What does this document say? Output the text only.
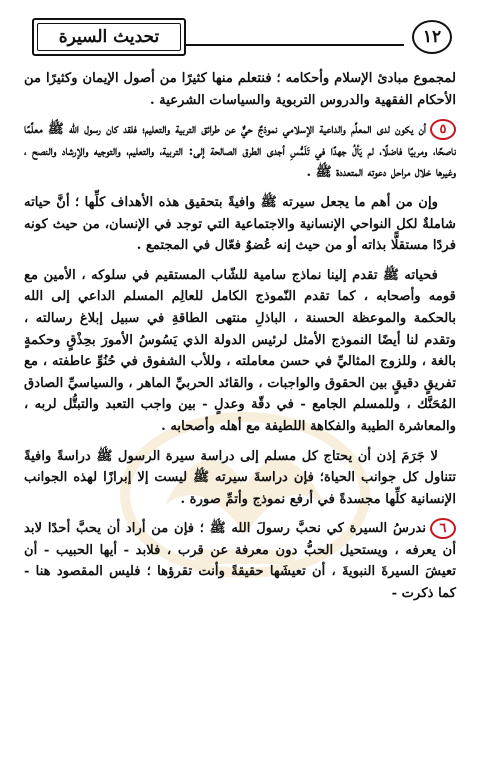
تحديث السيرة	١٢

لمجموع مبادئ الإسلام وأحكامه ؛ فنتعلم منها كثيرًا من أصول الإيمان وكثيرًا من الأحكام الفقهية والدروس التربوية والسياسات الشرعية .

٥أن يكون لدى المعلِّم والداعية الإسلامي نموذجٌ حيٌّ عن طرائق التربية والتعليم؛ فلقد كان رسول الله ﷺ معلِّمًا ناصحًا، ومربيًا فاضلًا، لم يَألُ جهدًا في تَلَمُّسِ أجدى الطرق الصالحة إلى: التربية، والتعليم، والتوجيه والإرشاد والنصح ، وغيرها خلال مراحل دعوته المتعددة ﷺ .

وإن من أهم ما يجعل سيرته ﷺ وافيةً بتحقيق هذه الأهداف كلِّها ؛ أنَّ حياته شاملةٌ لكل النواحي الإنسانية والاجتماعية التي توجد في الإنسان، من حيث كونه فردًا مستقلًّا بذاته أو من حيث إنه عُضوٌ فعّال في المجتمع .

فحياته ﷺ تقدم إلينا نماذج سامية للشّاب المستقيم في سلوكه ، الأمين مع قومه وأصحابه ، كما تقدم النّموذج الكامل للعالِم المسلم الداعي إلى الله بالحكمة والموعظة الحسنة ، الباذلِ منتهى الطاقةِ في سبيل إبلاغ رسالته ، وتقدم لنا أيضًا النموذج الأمثل لرئيس الدولة الذي يَسُوسُ الأمورَ بحِذْقٍ وحكمةٍ بالغة ، وللزوج المثاليِّ في حسن معاملته ، وللأب الشفوق في حُنُوِّ عاطفته ، مع تفريقٍ دقيقٍ بين الحقوق والواجبات ، والقائد الحربيِّ الماهر ، والسياسيِّ الصادق المُحَنَّك ، وللمسلم الجامع - في دقّة وعدلٍ - بين واجب التعبد والتبتُّل لربه ، والمعاشرة الطيبة والفكاهة اللطيفة مع أهله وأصحابه .

لا جَرَمَ إذن أن يحتاج كل مسلم إلى دراسة سيرة الرسول ﷺ دراسةً وافيةً تتناول كل جوانب الحياة؛ فإن دراسةَ سيرته ﷺ ليست إلا إبرازًا لهذه الجوانب الإنسانية كلِّها مجسدةً في أرفع نموذج وأتمِّ صورة .

٦ندرسُ السيرة كي نحبَّ رسولَ الله ﷺ ؛ فإن من أراد أن يحبَّ أحدًا لابد أن يعرفه ، ويستحيل الحبُّ دون معرفة عن قرب ، فلابد - أيها الحبيب - أن تعيشَ السيرةَ النبويةَ ، أن تعيشَها حقيقةً وأنت تقرؤها ؛ فليس المقصود هنا - كما ذكرت -
